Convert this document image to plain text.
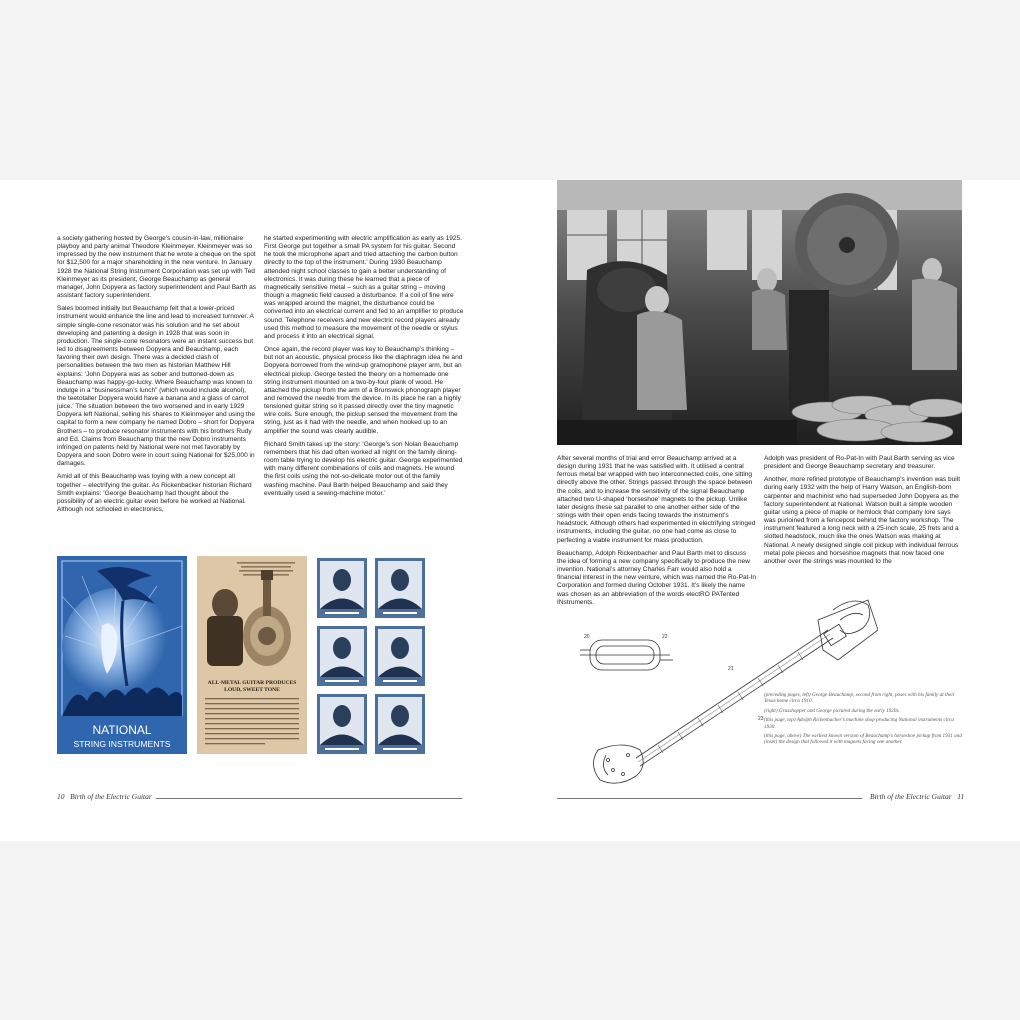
a society gathering hosted by George’s cousin-in-law, millionaire playboy and party animal Theodore Kleinmeyer. Kleinmeyer was so impressed by the new instrument that he wrote a cheque on the spot for $12,500 for a major shareholding in the new venture. In January 1928 the National String Instrument Corporation was set up with Ted Kleinmeyer as its president, George Beauchamp as general manager, John Dopyera as factory superintendent and Paul Barth as assistant factory superintendent.

Sales boomed initially but Beauchamp felt that a lower-priced instrument would enhance the line and lead to increased turnover. A simple single-cone resonator was his solution and he set about developing and patenting a design in 1928 that was soon in production. The single-cone resonators were an instant success but led to disagreements between Dopyera and Beauchamp, each favoring their own design. There was a decided clash of personalities between the two men as historian Matthew Hill explains: ‘John Dopyera was as sober and buttoned-down as Beauchamp was happy-go-lucky. Where Beauchamp was known to indulge in a “businessman’s lunch” (which would include alcohol), the teetotaller Dopyera would have a banana and a glass of carrot juice.’ The situation between the two worsened and in early 1929 Dopyera left National, selling his shares to Kleinmeyer and using the capital to form a new company he named Dobro – short for Dopyera Brothers – to produce resonator instruments with his brothers Rudy and Ed. Claims from Beauchamp that the new Dobro instruments infringed on patents held by National were not met favorably by Dopyera and soon Dobro were in court suing National for $25,000 in damages.

Amid all of this Beauchamp was toying with a new concept all together – electrifying the guitar. As Rickenbacker historian Richard Smith explains: ‘George Beauchamp had thought about the possibility of an electric guitar even before he worked at National. Although not schooled in electronics,

he started experimenting with electric amplification as early as 1925. First George put together a small PA system for his guitar. Second he took the microphone apart and tried attaching the carbon button directly to the top of the instrument.’ During 1930 Beauchamp attended night school classes to gain a better understanding of electronics. It was during these he learned that a piece of magnetically sensitive metal – such as a guitar string – moving though a magnetic field caused a disturbance. If a coil of fine wire was wrapped around the magnet, the disturbance could be converted into an electrical current and fed to an amplifier to produce sound. Telephone receivers and new electric record players already used this method to measure the movement of the needle or stylus and process it into an electrical signal.

Once again, the record player was key to Beauchamp’s thinking – but not an acoustic, physical process like the diaphragm idea he and Dopyera borrowed from the wind-up gramophone player arm, but an electrical pickup. George tested the theory on a homemade one string instrument mounted on a two-by-four plank of wood. He attached the pickup from the arm of a Brunswick phonograph player and removed the needle from the device. In its place he ran a highly tensioned guitar string so it passed directly over the tiny magnetic wire coils. Sure enough, the pickup sensed the movement from the string, just as it had with the needle, and when hooked up to an amplifier the sound was clearly audible.

Richard Smith takes up the story: ‘George’s son Nolan Beauchamp remembers that his dad often worked all night on the family dining-room table trying to develop his electric guitar. George experimented with many different combinations of coils and magnets. He wound the first coils using the not-so-delicate motor out of the family washing machine. Paul Barth helped Beauchamp and said they eventually used a sewing-machine motor.’

NATIONAL
STRING INSTRUMENTS
ALL-METAL GUITAR PRODUCES
LOUD, SWEET TONE
10 Birth of the Electric Guitar

After several months of trial and error Beauchamp arrived at a design during 1931 that he was satisfied with. It utilised a central ferrous metal bar wrapped with two interconnected coils, one sitting directly above the other. Strings passed through the space between the coils, and to increase the sensitivity of the signal Beauchamp attached two U-shaped ‘horseshoe’ magnets to the pickup. Unlike later designs these sat parallel to one another either side of the strings with their open ends facing towards the instrument’s headstock. Although others had experimented in electrifying stringed instruments, including the guitar, no one had come as close to perfecting a viable instrument for mass production.

Beauchamp, Adolph Rickenbacher and Paul Barth met to discuss the idea of forming a new company specifically to produce the new invention. National’s attorney Charles Farr would also hold a financial interest in the new venture, which was named the Ro-Pat-In Corporation and formed during October 1931. It’s likely the name was chosen as an abbreviation of the words electRO PATented INstruments.

Adolph was president of Ro-Pat-In with Paul Barth serving as vice president and George Beauchamp secretary and treasurer.

Another, more refined prototype of Beauchamp’s invention was built during early 1932 with the help of Harry Watson, an English-born carpenter and machinist who had superseded John Dopyera as the factory superintendent at National. Watson built a simple wooden guitar using a piece of maple or hemlock that company lore says was purloined from a fencepost behind the factory workshop. The instrument featured a long neck with a 25-inch scale, 25 frets and a slotted headstock, much like the ones Watson was making at National. A newly designed single coil pickup with individual ferrous metal pole pieces and horseshoe magnets that now faced one another over the strings was mounted to the

20	22
21
23

(preceding pages, left) George Beauchamp, second from right, poses with his family at their Texas home circa 1910.

(right) Grasshopper and George pictured during the early 1920s.

(this page, top) Adolph Rickenbacher’s machine shop producing National instruments circa 1930.

(this page, above) The earliest known version of Beauchamp’s horseshoe pickup from 1931 and (inset) the design that followed it with magnets facing one another.

Birth of the Electric Guitar 11
